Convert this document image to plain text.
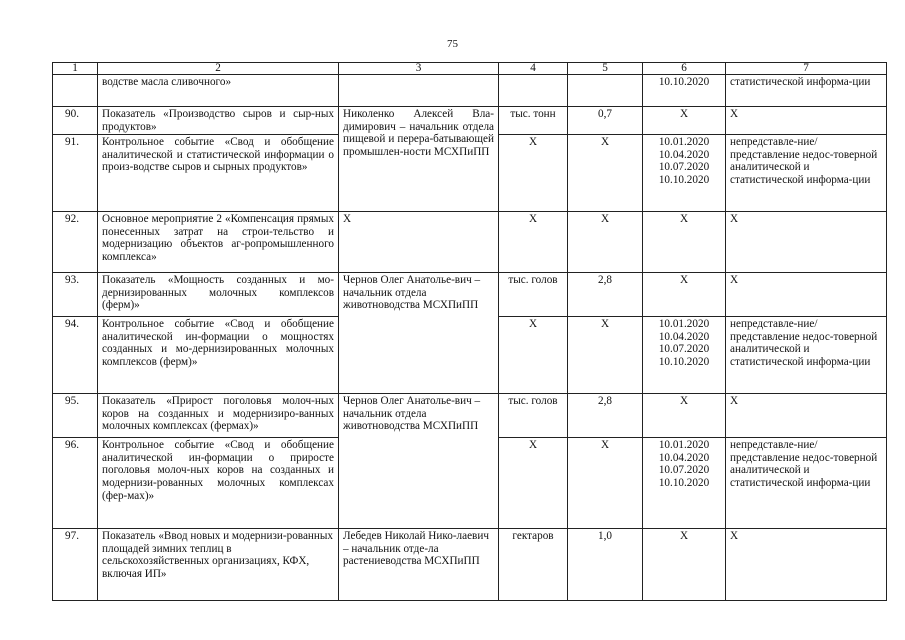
75
1	2	3	4	5	6	7
	водстве масла сливочного»				10.10.2020	статистической информа-ции
90.	Показатель «Производство сыров и сыр-ных продуктов»	Николенко Алексей Вла-димирович – начальник отдела пищевой и перера-батывающей промышлен-ности МСХПиПП	тыс. тонн	0,7	Х	Х
91.	Контрольное событие «Свод и обобщение аналитической и статистической информации о произ-водстве сыров и сырных продуктов»		Х	Х	10.01.2020
10.04.2020
10.07.2020
10.10.2020	непредставле-ние/представление недос-товерной аналитической и статистической информа-ции
92.	Основное мероприятие 2 «Компенсация прямых понесенных затрат на строи-тельство и модернизацию объектов аг-ропромышленного комплекса»	Х	Х	Х	Х	Х
93.	Показатель «Мощность созданных и мо-дернизированных молочных комплексов (ферм)»	Чернов Олег Анатолье-вич – начальник отдела животноводства МСХПиПП	тыс. голов	2,8	Х	Х
94.	Контрольное событие «Свод и обобщение аналитической ин-формации о мощностях созданных и мо-дернизированных молочных комплексов (ферм)»		Х	Х	10.01.2020
10.04.2020
10.07.2020
10.10.2020	непредставле-ние/представление недос-товерной аналитической и статистической информа-ции
95.	Показатель «Прирост поголовья молоч-ных коров на созданных и модернизиро-ванных молочных комплексах (фермах)»	Чернов Олег Анатолье-вич – начальник отдела животноводства МСХПиПП	тыс. голов	2,8	Х	Х
96.	Контрольное событие «Свод и обобщение аналитической ин-формации о приросте поголовья молоч-ных коров на созданных и модернизи-рованных молочных комплексах (фер-мах)»		Х	Х	10.01.2020
10.04.2020
10.07.2020
10.10.2020	непредставле-ние/представление недос-товерной аналитической и статистической информа-ции
97.	Показатель «Ввод новых и модернизи-рованных площадей зимних теплиц в сельскохозяйственных организациях, КФХ, включая ИП»	Лебедев Николай Нико-лаевич – начальник отде-ла растениеводства МСХПиПП	гектаров	1,0	Х	Х
